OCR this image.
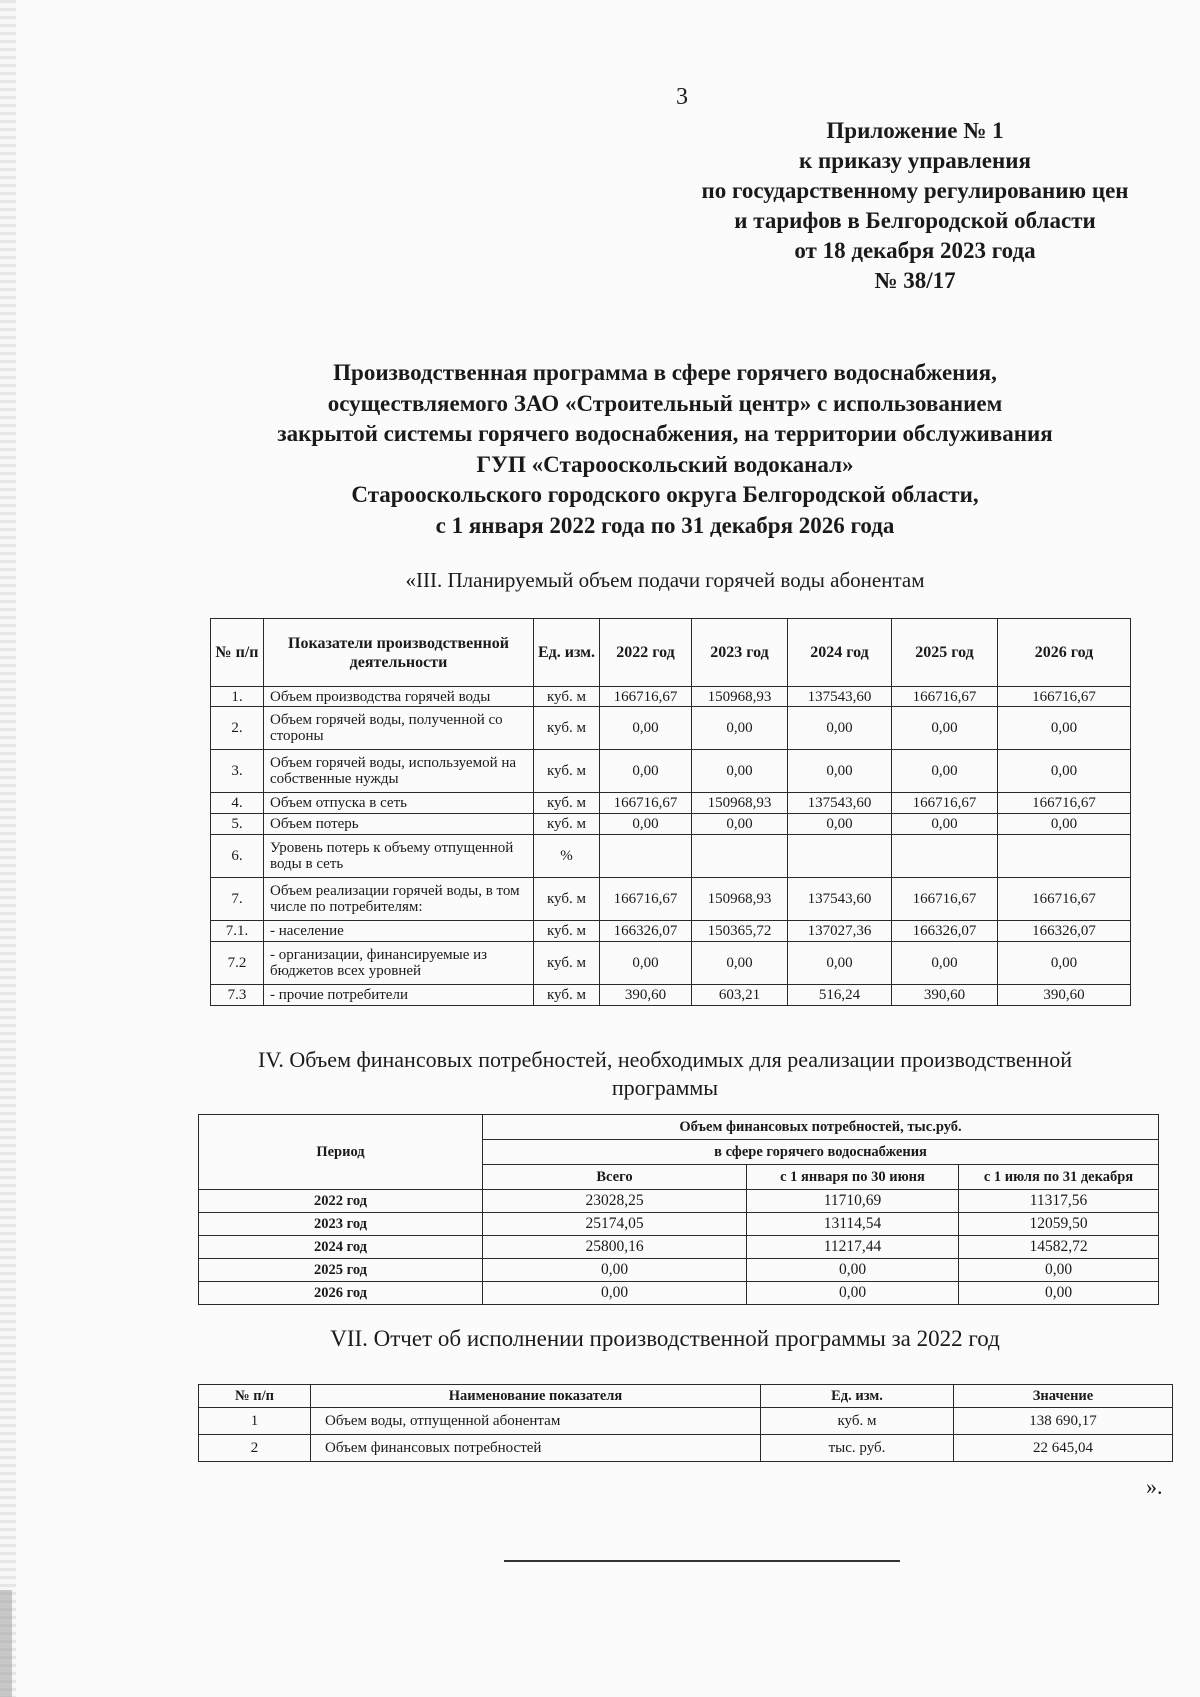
3
Приложение № 1
к приказу управления
по государственному регулированию цен
и тарифов в Белгородской области
от 18 декабря 2023 года
№ 38/17
Производственная программа в сфере горячего водоснабжения,
осуществляемого ЗАО «Строительный центр» с использованием
закрытой системы горячего водоснабжения, на территории обслуживания
ГУП «Старооскольский водоканал»
Старооскольского городского округа Белгородской области,
с 1 января 2022 года по 31 декабря 2026 года
«III. Планируемый объем подачи горячей воды абонентам
№ п/п	Показатели производственной деятельности	Ед. изм.	2022 год	2023 год	2024 год	2025 год	2026 год
1.	Объем производства горячей воды	куб. м	166716,67	150968,93	137543,60	166716,67	166716,67
2.	Объем горячей воды, полученной со стороны	куб. м	0,00	0,00	0,00	0,00	0,00
3.	Объем горячей воды, используемой на собственные нужды	куб. м	0,00	0,00	0,00	0,00	0,00
4.	Объем отпуска в сеть	куб. м	166716,67	150968,93	137543,60	166716,67	166716,67
5.	Объем потерь	куб. м	0,00	0,00	0,00	0,00	0,00
6.	Уровень потерь к объему отпущенной воды в сеть	%					
7.	Объем реализации горячей воды, в том числе по потребителям:	куб. м	166716,67	150968,93	137543,60	166716,67	166716,67
7.1.	- население	куб. м	166326,07	150365,72	137027,36	166326,07	166326,07
7.2	- организации, финансируемые из бюджетов всех уровней	куб. м	0,00	0,00	0,00	0,00	0,00
7.3	- прочие потребители	куб. м	390,60	603,21	516,24	390,60	390,60
IV. Объем финансовых потребностей, необходимых для реализации производственной
программы
Период	Объем финансовых потребностей, тыс.руб.		
	в сфере горячего водоснабжения		
	Всего	с 1 января по 30 июня	с 1 июля по 31 декабря
2022 год	23028,25	11710,69	11317,56
2023 год	25174,05	13114,54	12059,50
2024 год	25800,16	11217,44	14582,72
2025 год	0,00	0,00	0,00
2026 год	0,00	0,00	0,00
VII. Отчет об исполнении производственной программы за 2022 год
№ п/п	Наименование показателя	Ед. изм.	Значение
1	Объем воды, отпущенной абонентам	куб. м	138 690,17
2	Объем финансовых потребностей	тыс. руб.	22 645,04
».
